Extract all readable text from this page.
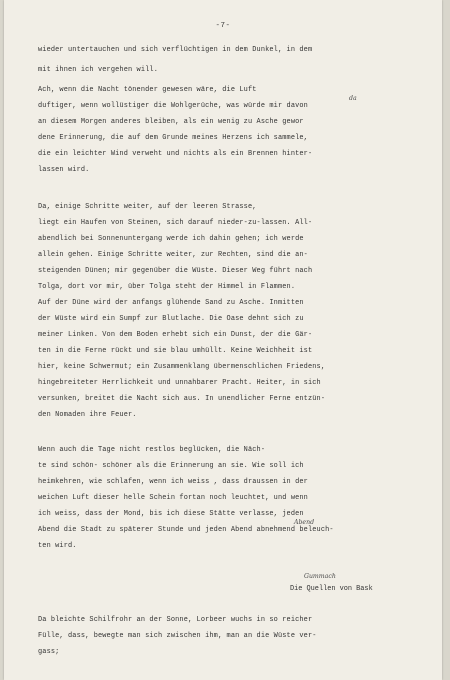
-7-
wieder untertauchen und sich verflüchtigen in dem Dunkel, in dem
mit ihnen ich vergehen will.
Ach, wenn die Nacht tönender gewesen wäre, die Luft
duftiger, wenn wollüstiger die Wohlgerüche, was würde mir davon
an diesem Morgen anderes bleiben, als ein wenig zu Asche gewor
dene Erinnerung, die auf dem Grunde meines Herzens ich sammele,
die ein leichter Wind verweht und nichts als ein Brennen hinter-
lassen wird.
Da, einige Schritte weiter, auf der leeren Strasse,
liegt ein Haufen von Steinen, sich darauf nieder-zu-lassen. All-
abendlich bei Sonnenuntergang werde ich dahin gehen; ich werde
allein gehen. Einige Schritte weiter, zur Rechten, sind die an-
steigenden Dünen; mir gegenüber die Wüste. Dieser Weg führt nach
Tolga, dort vor mir, über Tolga steht der Himmel in Flammen.
Auf der Düne wird der anfangs glühende Sand zu Asche. Inmitten
der Wüste wird ein Sumpf zur Blutlache. Die Oase dehnt sich zu
meiner Linken. Von dem Boden erhebt sich ein Dunst, der die Gär-
ten in die Ferne rückt und sie blau umhüllt. Keine Weichheit ist
hier, keine Schwermut; ein Zusammenklang übermenschlichen Friedens,
hingebreiteter Herrlichkeit und unnahbarer Pracht. Heiter, in sich
versunken, breitet die Nacht sich aus. In unendlicher Ferne entzün-
den Nomaden ihre Feuer.
Wenn auch die Tage nicht restlos beglücken, die Näch-
te sind schön- schöner als die Erinnerung an sie. Wie soll ich
heimkehren, wie schlafen, wenn ich weiss , dass draussen in der
weichen Luft dieser helle Schein fortan noch leuchtet, und wenn
ich weiss, dass der Mond, bis ich diese Stätte verlasse, jeden
Abend die Stadt zu späterer Stunde und jeden Abend abnehmend beleuch-
ten wird.
Abend
da
Gummach
Die Quellen von Bask
Da bleichte Schilfrohr an der Sonne, Lorbeer wuchs in so reicher
Fülle, dass, bewegte man sich zwischen ihm, man an die Wüste ver-
gass;
